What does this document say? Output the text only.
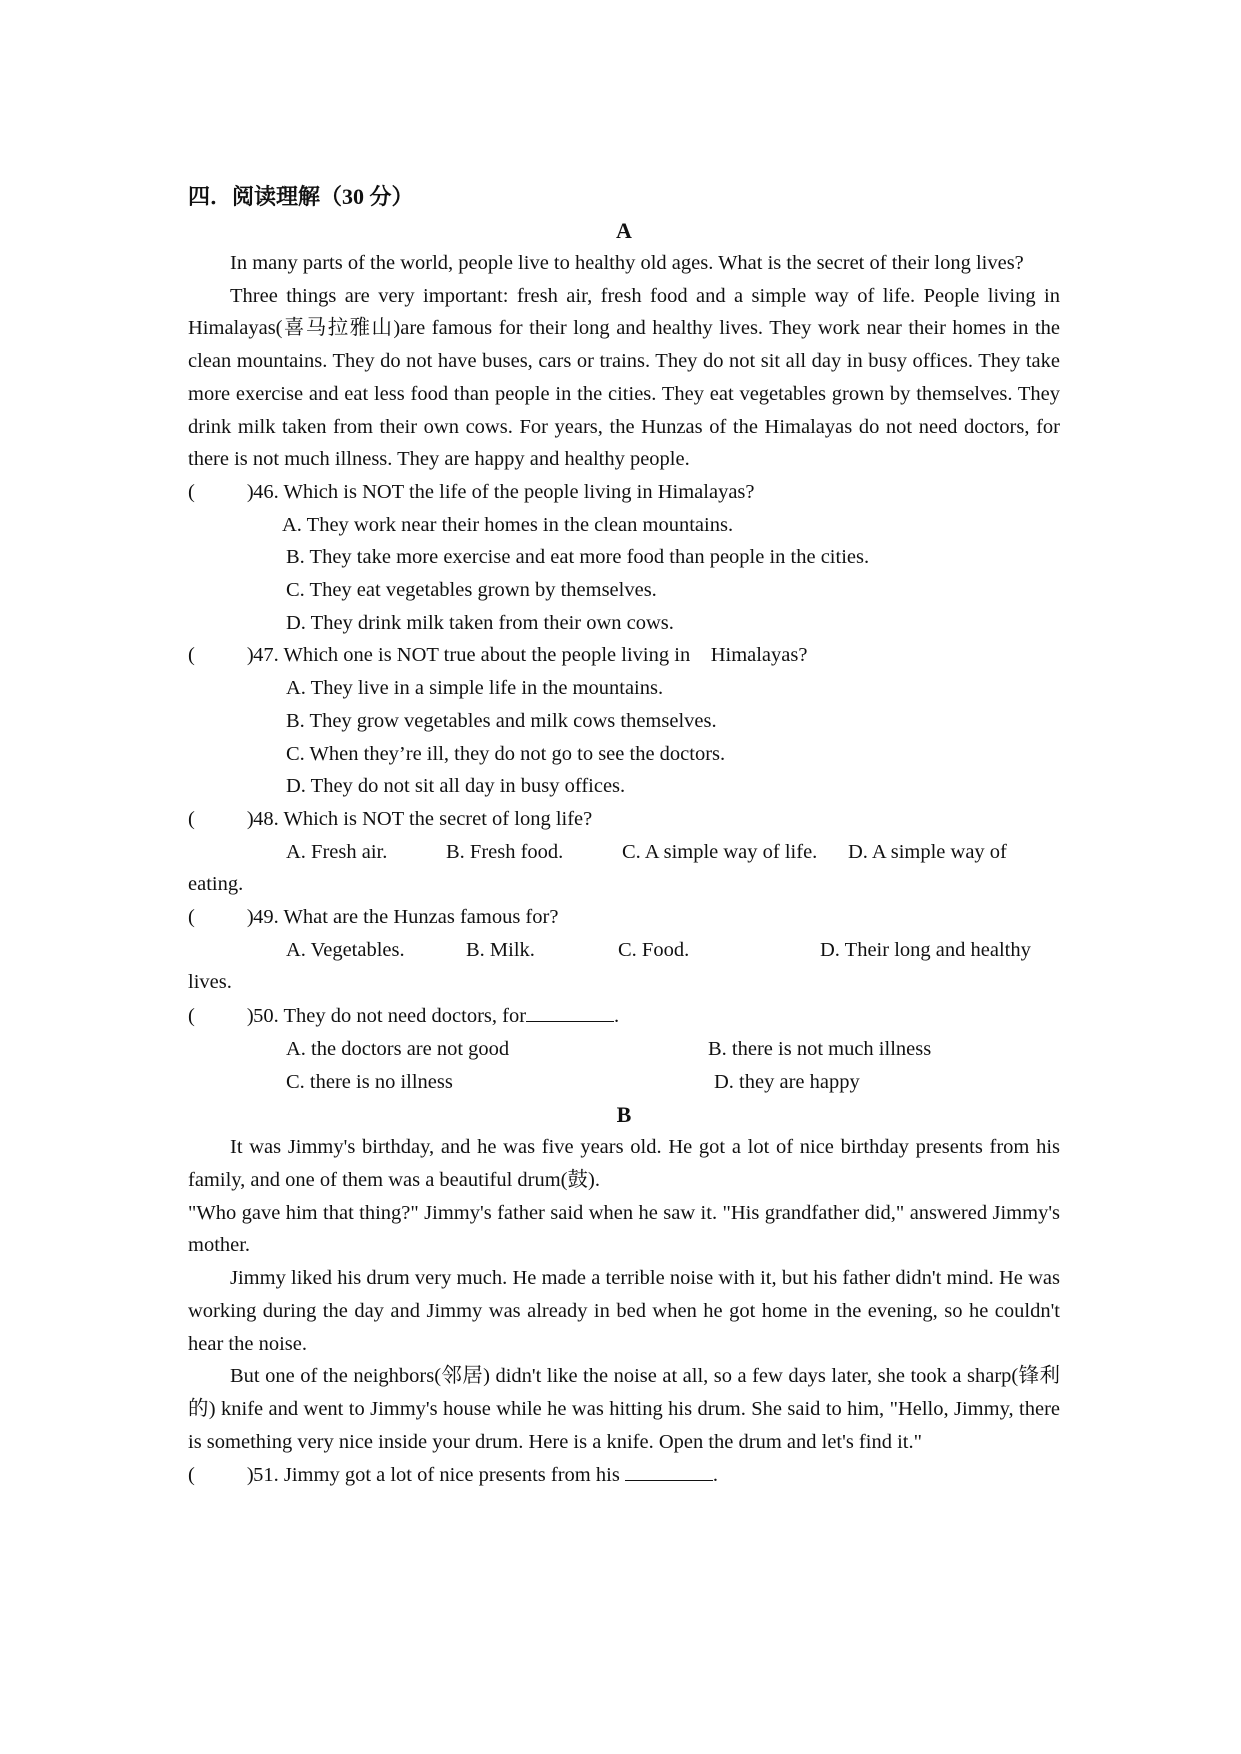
四．阅读理解（30 分）

A

In many parts of the world, people live to healthy old ages. What is the secret of their long lives?

Three things are very important: fresh air, fresh food and a simple way of life. People living in Himalayas(喜马拉雅山)are famous for their long and healthy lives. They work near their homes in the clean mountains. They do not have buses, cars or trains. They do not sit all day in busy offices. They take more exercise and eat less food than people in the cities. They eat vegetables grown by themselves. They drink milk taken from their own cows. For years, the Hunzas of the Himalayas do not need doctors, for there is not much illness. They are happy and healthy people.

(	) 46. Which is NOT the life of the people living in Himalayas?

A. They work near their homes in the clean mountains.

B. They take more exercise and eat more food than people in the cities.

C. They eat vegetables grown by themselves.

D. They drink milk taken from their own cows.

(	) 47. Which one is NOT true about the people living in    Himalayas?

A. They live in a simple life in the mountains.

B. They grow vegetables and milk cows themselves.

C. When they’re ill, they do not go to see the doctors.

D. They do not sit all day in busy offices.

(	) 48. Which is NOT the secret of long life?

A. Fresh air.	B. Fresh food.	C. A simple way of life.	D. A simple way of

eating.

(	) 49. What are the Hunzas famous for?

A. Vegetables.	B. Milk.	C. Food.	D. Their long and healthy

lives.

(	) 50. They do not need doctors, for	.

A. the doctors are not good	B. there is not much illness
C. there is no illness	D. they are happy
B

It was Jimmy's birthday, and he was five years old. He got a lot of nice birthday presents from his family, and one of them was a beautiful drum(鼓).

"Who gave him that thing?" Jimmy's father said when he saw it. "His grandfather did," answered Jimmy's mother.

Jimmy liked his drum very much. He made a terrible noise with it, but his father didn't mind. He was working during the day and Jimmy was already in bed when he got home in the evening, so he couldn't hear the noise.

But one of the neighbors(邻居) didn't like the noise at all, so a few days later, she took a sharp(锋利的) knife and went to Jimmy's house while he was hitting his drum. She said to him, "Hello, Jimmy, there is something very nice inside your drum. Here is a knife. Open the drum and let's find it."

(	) 51. Jimmy got a lot of nice presents from his	.
